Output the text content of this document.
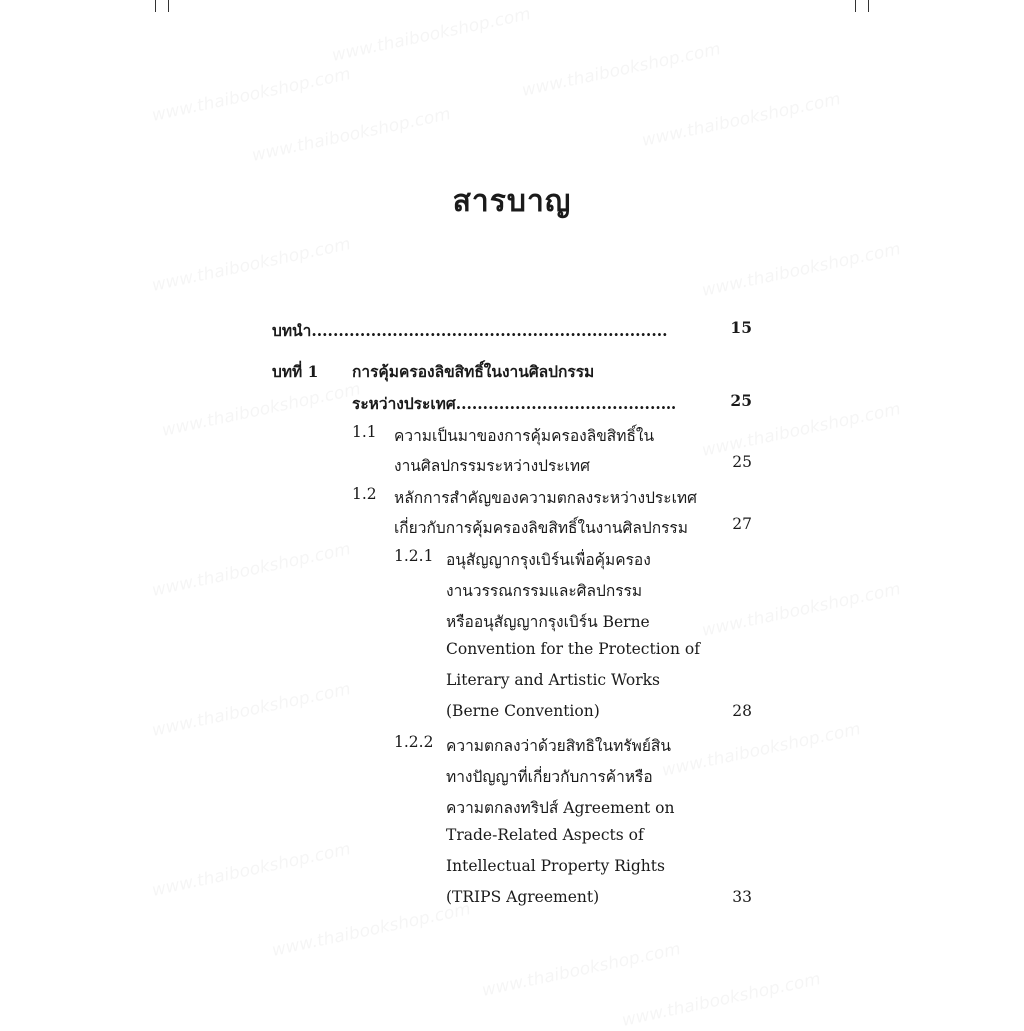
สารบาญ
บทนำ..................................................................	15
บทที่ 1 การคุ้มครองลิขสิทธิ์ในงานศิลปกรรม
ระหว่างประเทศ......................................…	25
1.1 ความเป็นมาของการคุ้มครองลิขสิทธิ์ใน
งานศิลปกรรมระหว่างประเทศ	25
1.2 หลักการสำคัญของความตกลงระหว่างประเทศ
เกี่ยวกับการคุ้มครองลิขสิทธิ์ในงานศิลปกรรม	27
1.2.1 อนุสัญญากรุงเบิร์นเพื่อคุ้มครอง
งานวรรณกรรมและศิลปกรรม
หรืออนุสัญญากรุงเบิร์น Berne
Convention for the Protection of
Literary and Artistic Works
(Berne Convention)	28
1.2.2 ความตกลงว่าด้วยสิทธิในทรัพย์สิน
ทางปัญญาที่เกี่ยวกับการค้าหรือ
ความตกลงทริปส์ Agreement on
Trade-Related Aspects of
Intellectual Property Rights
(TRIPS Agreement)	33
